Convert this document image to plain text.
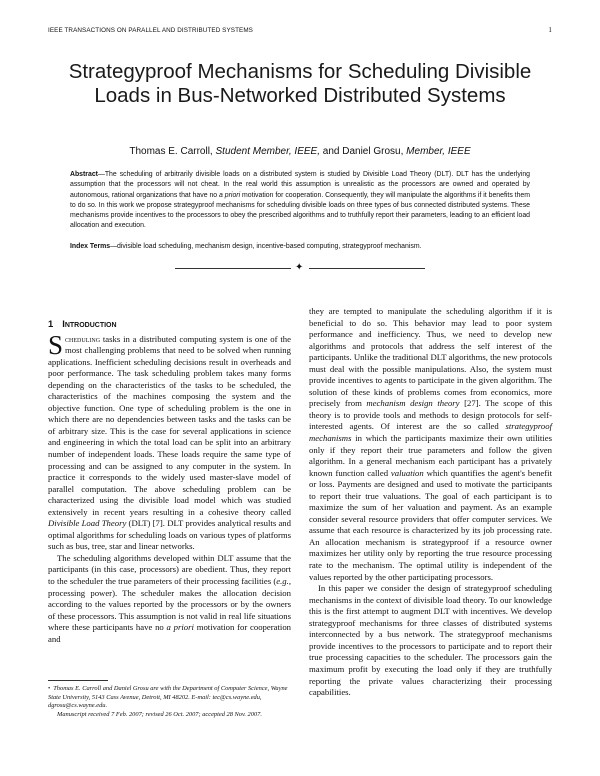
IEEE TRANSACTIONS ON PARALLEL AND DISTRIBUTED SYSTEMS	1
Strategyproof Mechanisms for Scheduling Divisible Loads in Bus-Networked Distributed Systems
Thomas E. Carroll, Student Member, IEEE, and Daniel Grosu, Member, IEEE
Abstract—The scheduling of arbitrarily divisible loads on a distributed system is studied by Divisible Load Theory (DLT). DLT has the underlying assumption that the processors will not cheat. In the real world this assumption is unrealistic as the processors are owned and operated by autonomous, rational organizations that have no a priori motivation for cooperation. Consequently, they will manipulate the algorithms if it benefits them to do so. In this work we propose strategyproof mechanisms for scheduling divisible loads on three types of bus connected distributed systems. These mechanisms provide incentives to the processors to obey the prescribed algorithms and to truthfully report their parameters, leading to an efficient load allocation and execution.
Index Terms—divisible load scheduling, mechanism design, incentive-based computing, strategyproof mechanism.
✦
1 Introduction

Scheduling tasks in a distributed computing system is one of the most challenging problems that need to be solved when running applications. Inefficient scheduling decisions result in overheads and poor performance. The task scheduling problem takes many forms depending on the characteristics of the tasks to be scheduled, the characteristics of the machines composing the system and the objective function. One type of scheduling problem is the one in which there are no dependencies between tasks and the tasks can be of arbitrary size. This is the case for several applications in science and engineering in which the total load can be split into an arbitrary number of independent loads. These loads require the same type of processing and can be assigned to any computer in the system. In practice it corresponds to the widely used master-slave model of parallel computation. The above scheduling problem can be characterized using the divisible load model which was studied extensively in recent years resulting in a cohesive theory called Divisible Load Theory (DLT) [7]. DLT provides analytical results and optimal algorithms for scheduling loads on various types of platforms such as bus, tree, star and linear networks.

The scheduling algorithms developed within DLT assume that the participants (in this case, processors) are obedient. Thus, they report to the scheduler the true parameters of their processing facilities (e.g., processing power). The scheduler makes the allocation decision according to the values reported by the processors or by the owners of these processors. This assumption is not valid in real life situations where these participants have no a priori motivation for cooperation and

they are tempted to manipulate the scheduling algorithm if it is beneficial to do so. This behavior may lead to poor system performance and inefficiency. Thus, we need to develop new algorithms and protocols that address the self interest of the participants. Unlike the traditional DLT algorithms, the new protocols must deal with the possible manipulations. Also, the system must provide incentives to agents to participate in the given algorithm. The solution of these kinds of problems comes from economics, more precisely from mechanism design theory [27]. The scope of this theory is to provide tools and methods to design protocols for self-interested agents. Of interest are the so called strategyproof mechanisms in which the participants maximize their own utilities only if they report their true parameters and follow the given algorithm. In a general mechanism each participant has a privately known function called valuation which quantifies the agent's benefit or loss. Payments are designed and used to motivate the participants to report their true valuations. The goal of each participant is to maximize the sum of her valuation and payment. As an example consider several resource providers that offer computer services. We assume that each resource is characterized by its job processing rate. An allocation mechanism is strategyproof if a resource owner maximizes her utility only by reporting the true resource processing rate to the mechanism. The optimal utility is independent of the values reported by the other participating processors.

In this paper we consider the design of strategyproof scheduling mechanisms in the context of divisible load theory. To our knowledge this is the first attempt to augment DLT with incentives. We develop strategyproof mechanisms for three classes of distributed systems interconnected by a bus network. The strategyproof mechanisms provide incentives to the processors to participate and to report their true processing capacities to the scheduler. The processors gain the maximum profit by executing the load only if they are truthfully reporting the private values characterizing their processing capabilities.

• Thomas E. Carroll and Daniel Grosu are with the Department of Computer Science, Wayne State University, 5143 Cass Avenue, Detroit, MI 48202. E-mail: tec@cs.wayne.edu, dgrosu@cs.wayne.edu.
Manuscript received 7 Feb. 2007; revised 26 Oct. 2007; accepted 28 Nov. 2007.
